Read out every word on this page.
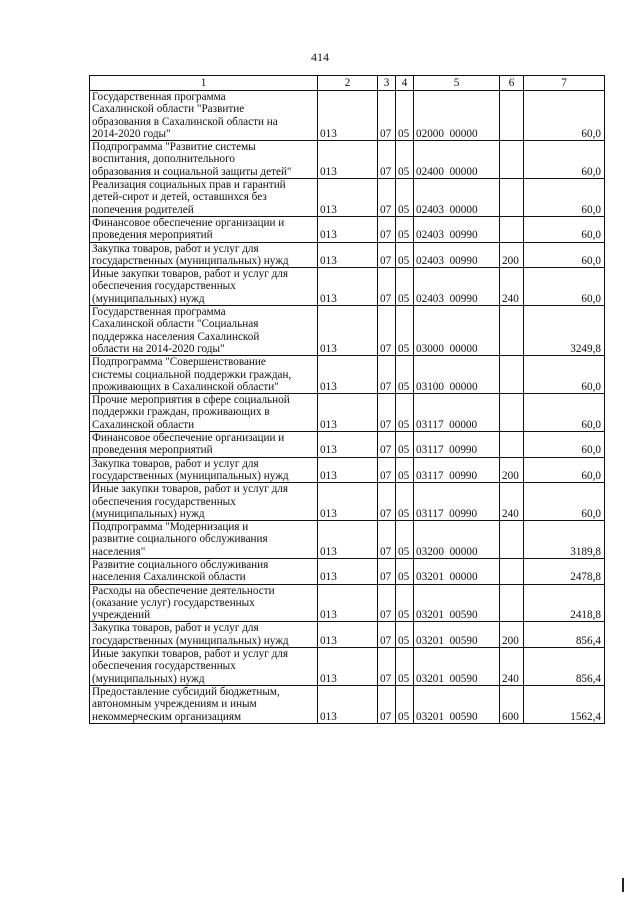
414
1	2	3	4	5	6	7
Государственная программа
Сахалинской области "Развитие
образования в Сахалинской области на
2014-2020 годы"	013	07	05	02000  00000		60,0
Подпрограмма "Развитие системы
воспитания, дополнительного
образования и социальной защиты детей"	013	07	05	02400  00000		60,0
Реализация социальных прав и гарантий
детей-сирот и детей, оставшихся без
попечения родителей	013	07	05	02403  00000		60,0
Финансовое обеспечение организации и
проведения мероприятий	013	07	05	02403  00990		60,0
Закупка товаров, работ и услуг для
государственных (муниципальных) нужд	013	07	05	02403  00990	200	60,0
Иные закупки товаров, работ и услуг для
обеспечения государственных
(муниципальных) нужд	013	07	05	02403  00990	240	60,0
Государственная программа
Сахалинской области "Социальная
поддержка населения Сахалинской
области на 2014-2020 годы"	013	07	05	03000  00000		3249,8
Подпрограмма "Совершенствование
системы социальной поддержки граждан,
проживающих в Сахалинской области"	013	07	05	03100  00000		60,0
Прочие мероприятия в сфере социальной
поддержки граждан, проживающих в
Сахалинской области	013	07	05	03117  00000		60,0
Финансовое обеспечение организации и
проведения мероприятий	013	07	05	03117  00990		60,0
Закупка товаров, работ и услуг для
государственных (муниципальных) нужд	013	07	05	03117  00990	200	60,0
Иные закупки товаров, работ и услуг для
обеспечения государственных
(муниципальных) нужд	013	07	05	03117  00990	240	60,0
Подпрограмма "Модернизация и
развитие социального обслуживания
населения"	013	07	05	03200  00000		3189,8
Развитие социального обслуживания
населения Сахалинской области	013	07	05	03201  00000		2478,8
Расходы на обеспечение деятельности
(оказание услуг) государственных
учреждений	013	07	05	03201  00590		2418,8
Закупка товаров, работ и услуг для
государственных (муниципальных) нужд	013	07	05	03201  00590	200	856,4
Иные закупки товаров, работ и услуг для
обеспечения государственных
(муниципальных) нужд	013	07	05	03201  00590	240	856,4
Предоставление субсидий бюджетным,
автономным учреждениям и иным
некоммерческим организациям	013	07	05	03201  00590	600	1562,4
